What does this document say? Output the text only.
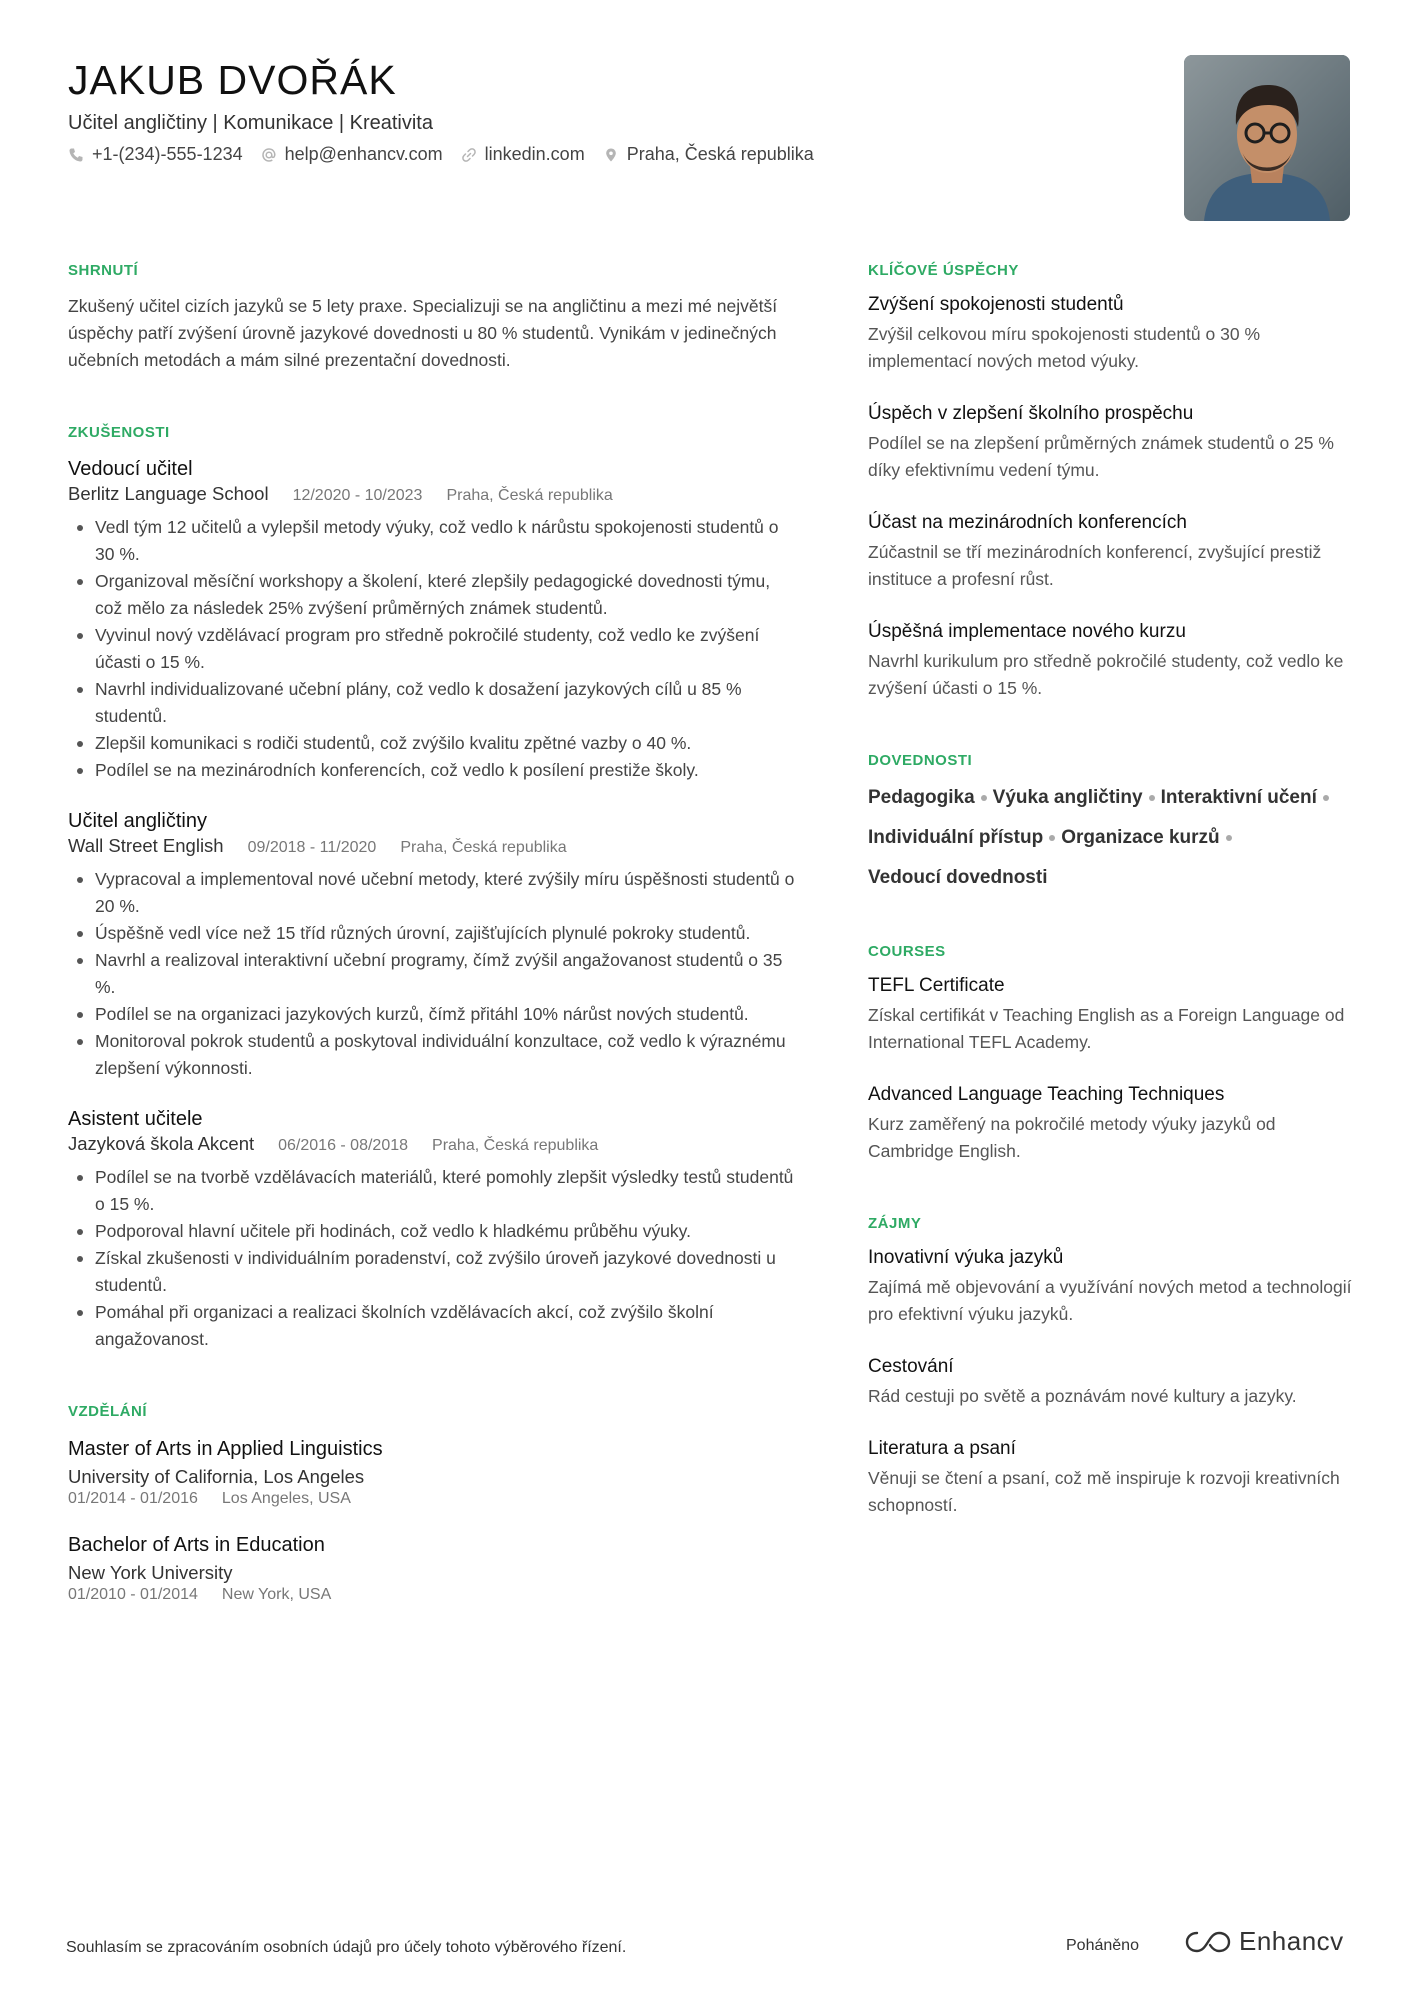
JAKUB DVOŘÁK
Učitel angličtiny | Komunikace | Kreativita
+1-(234)-555-1234 help@enhancv.com linkedin.com Praha, Česká republika
SHRNUTÍ

Zkušený učitel cizích jazyků se 5 lety praxe. Specializuji se na angličtinu a mezi mé největší úspěchy patří zvýšení úrovně jazykové dovednosti u 80 % studentů. Vynikám v jedinečných učebních metodách a mám silné prezentační dovednosti.

ZKUŠENOSTI
Vedoucí učitel
Berlitz Language School 12/2020 - 10/2023 Praha, Česká republika
Vedl tým 12 učitelů a vylepšil metody výuky, což vedlo k nárůstu spokojenosti studentů o 30 %.
Organizoval měsíční workshopy a školení, které zlepšily pedagogické dovednosti týmu, což mělo za následek 25% zvýšení průměrných známek studentů.
Vyvinul nový vzdělávací program pro středně pokročilé studenty, což vedlo ke zvýšení účasti o 15 %.
Navrhl individualizované učební plány, což vedlo k dosažení jazykových cílů u 85 % studentů.
Zlepšil komunikaci s rodiči studentů, což zvýšilo kvalitu zpětné vazby o 40 %.
Podílel se na mezinárodních konferencích, což vedlo k posílení prestiže školy.
Učitel angličtiny
Wall Street English 09/2018 - 11/2020 Praha, Česká republika
Vypracoval a implementoval nové učební metody, které zvýšily míru úspěšnosti studentů o 20 %.
Úspěšně vedl více než 15 tříd různých úrovní, zajišťujících plynulé pokroky studentů.
Navrhl a realizoval interaktivní učební programy, čímž zvýšil angažovanost studentů o 35 %.
Podílel se na organizaci jazykových kurzů, čímž přitáhl 10% nárůst nových studentů.
Monitoroval pokrok studentů a poskytoval individuální konzultace, což vedlo k výraznému zlepšení výkonnosti.
Asistent učitele
Jazyková škola Akcent 06/2016 - 08/2018 Praha, Česká republika
Podílel se na tvorbě vzdělávacích materiálů, které pomohly zlepšit výsledky testů studentů o 15 %.
Podporoval hlavní učitele při hodinách, což vedlo k hladkému průběhu výuky.
Získal zkušenosti v individuálním poradenství, což zvýšilo úroveň jazykové dovednosti u studentů.
Pomáhal při organizaci a realizaci školních vzdělávacích akcí, což zvýšilo školní angažovanost.
VZDĚLÁNÍ
Master of Arts in Applied Linguistics
University of California, Los Angeles
01/2014 - 01/2016 Los Angeles, USA
Bachelor of Arts in Education
New York University
01/2010 - 01/2014 New York, USA
KLÍČOVÉ ÚSPĚCHY
Zvýšení spokojenosti studentů
Zvýšil celkovou míru spokojenosti studentů o 30 % implementací nových metod výuky.
Úspěch v zlepšení školního prospěchu
Podílel se na zlepšení průměrných známek studentů o 25 % díky efektivnímu vedení týmu.
Účast na mezinárodních konferencích
Zúčastnil se tří mezinárodních konferencí, zvyšující prestiž instituce a profesní růst.
Úspěšná implementace nového kurzu
Navrhl kurikulum pro středně pokročilé studenty, což vedlo ke zvýšení účasti o 15 %.
DOVEDNOSTI
Pedagogika Výuka angličtiny Interaktivní učení
Individuální přístup Organizace kurzů
Vedoucí dovednosti
COURSES
TEFL Certificate
Získal certifikát v Teaching English as a Foreign Language od International TEFL Academy.
Advanced Language Teaching Techniques
Kurz zaměřený na pokročilé metody výuky jazyků od Cambridge English.
ZÁJMY
Inovativní výuka jazyků
Zajímá mě objevování a využívání nových metod a technologií pro efektivní výuku jazyků.
Cestování
Rád cestuji po světě a poznávám nové kultury a jazyky.
Literatura a psaní
Věnuji se čtení a psaní, což mě inspiruje k rozvoji kreativních schopností.
Souhlasím se zpracováním osobních údajů pro účely tohoto výběrového řízení.	Poháněno	Enhancv
